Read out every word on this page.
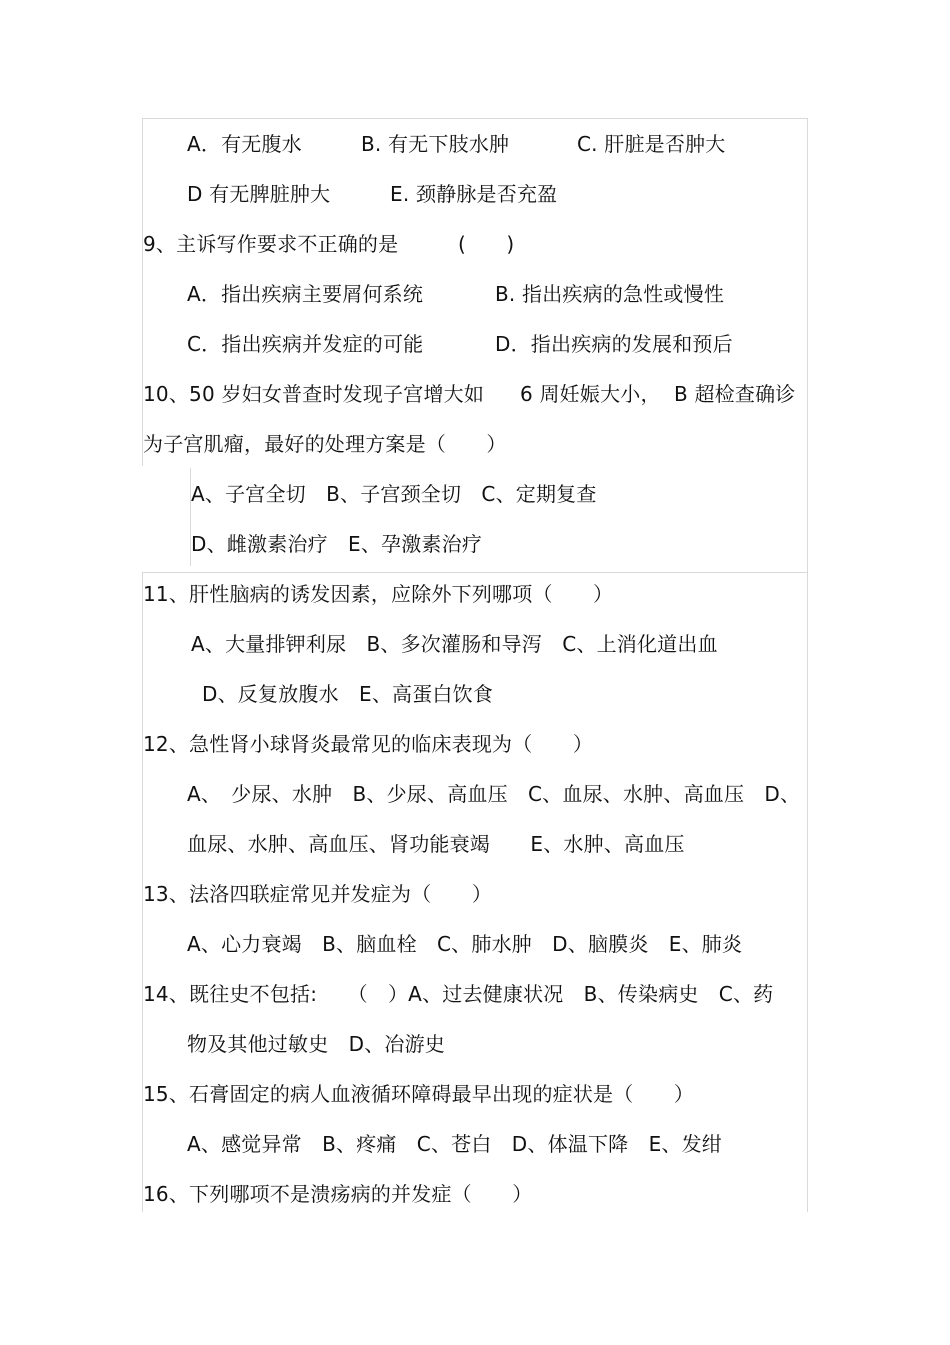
A．有无腹水	B. 有无下肢水肿	C. 肝脏是否肿大
D 有无脾脏肿大	E. 颈静脉是否充盈
9、主诉写作要求不正确的是	(　　)
A．指出疾病主要屑何系统	B. 指出疾病的急性或慢性
C．指出疾病并发症的可能	D．指出疾病的发展和预后
10、50 岁妇女普查时发现子宫增大如 6 周妊娠大小， B 超检查确诊
为子宫肌瘤，最好的处理方案是（　　）
A、子宫全切　B、子宫颈全切　C、定期复查
D、雌激素治疗　E、孕激素治疗
11、肝性脑病的诱发因素，应除外下列哪项（　　）
A、大量排钾利尿　B、多次灌肠和导泻　C、上消化道出血
D、反复放腹水　E、高蛋白饮食
12、急性肾小球肾炎最常见的临床表现为（　　）
A、　少尿、水肿　B、少尿、高血压　C、血尿、水肿、高血压　D、
血尿、水肿、高血压、肾功能衰竭　　E、水肿、高血压
13、法洛四联症常见并发症为（　　）
A、心力衰竭　B、脑血栓　C、肺水肿　D、脑膜炎　E、肺炎
14、既往史不包括:　　（　）A、过去健康状况　B、传染病史　C、药
物及其他过敏史　D、冶游史
15、石膏固定的病人血液循环障碍最早出现的症状是（　　）
A、感觉异常　B、疼痛　C、苍白　D、体温下降　E、发绀
16、下列哪项不是溃疡病的并发症（　　）
